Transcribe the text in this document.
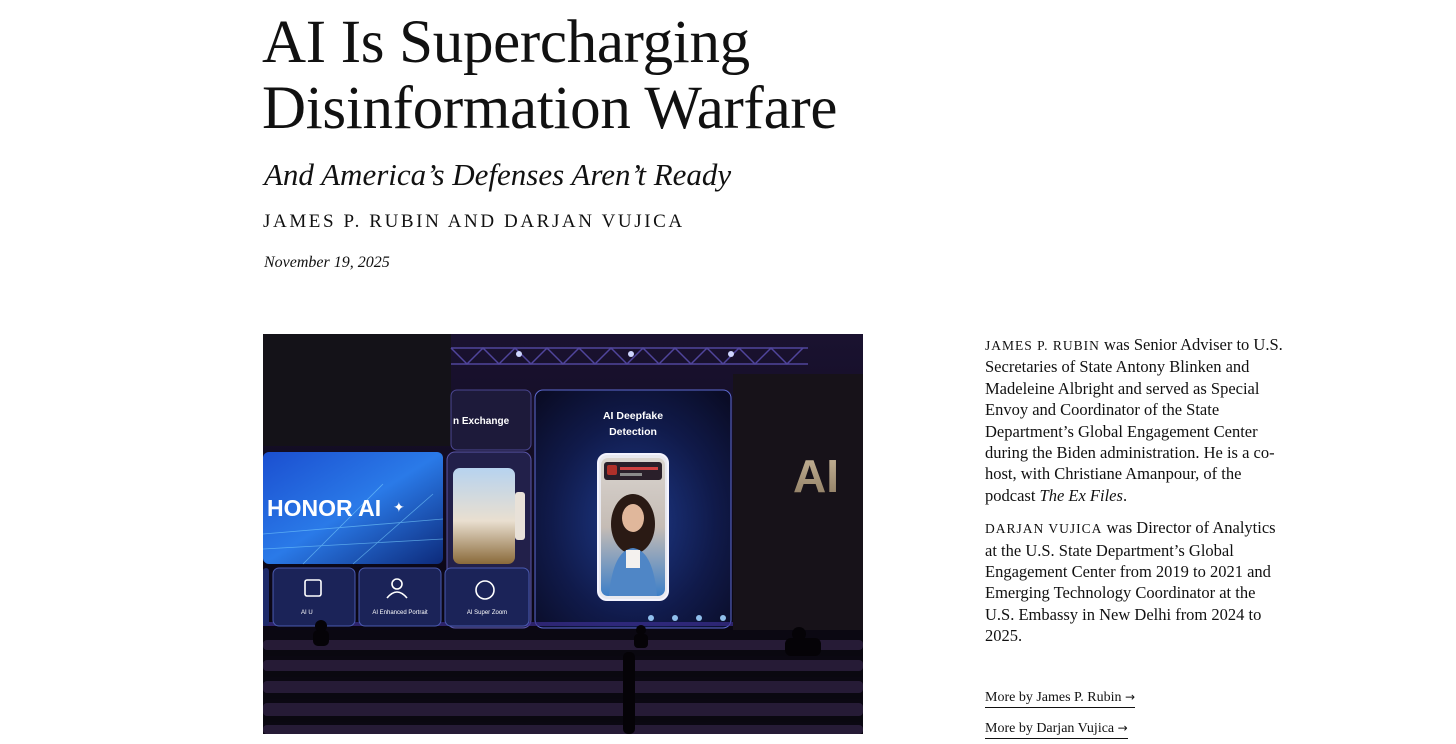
AI Is Supercharging
Disinformation Warfare
And America’s Defenses Aren’t Ready
JAMES P. RUBIN AND DARJAN VUJICA
November 19, 2025
AI
n Exchange
HONOR AI ✦
AI Deepfake
Detection
AI U	AI Enhanced Portrait	AI Super Zoom

JAMES P. RUBIN was Senior Adviser to U.S. Secretaries of State Antony Blinken and Madeleine Albright and served as Special Envoy and Coordinator of the State Department’s Global Engagement Center during the Biden administration. He is a co-host, with Christiane Amanpour, of the podcast The Ex Files.

DARJAN VUJICA was Director of Analytics at the U.S. State Department’s Global Engagement Center from 2019 to 2021 and Emerging Technology Coordinator at the U.S. Embassy in New Delhi from 2024 to 2025.

More by James P. Rubin →
More by Darjan Vujica →
